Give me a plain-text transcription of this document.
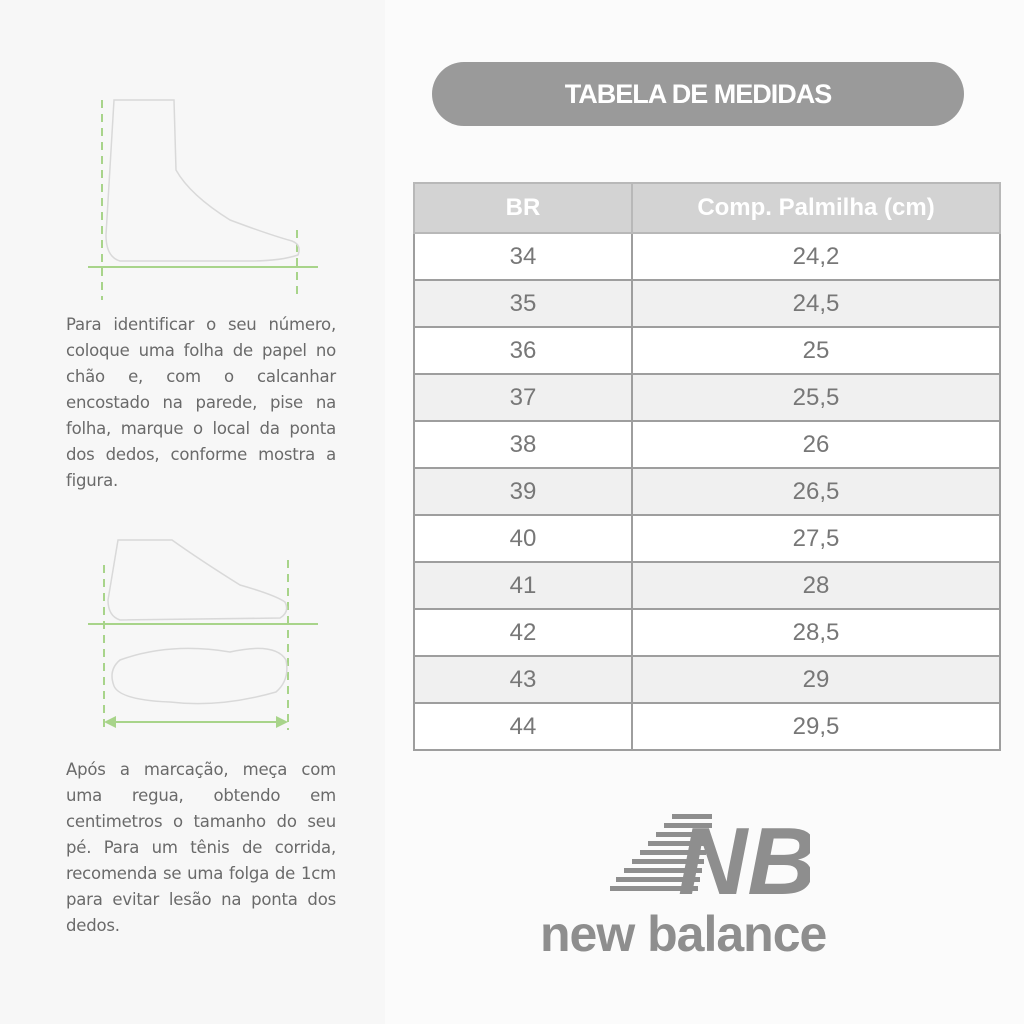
Para identificar o seu número, coloque uma folha de papel no chão e, com o calcanhar encostado na parede, pise na folha, marque o local da ponta dos dedos, conforme mostra a figura.

Após a marcação, meça com uma regua, obtendo em centimetros o tamanho do seu pé. Para um tênis de corrida, recomenda se uma folga de 1cm para evitar lesão na ponta dos dedos.

TABELA DE MEDIDAS
BR	Comp. Palmilha (cm)
34	24,2
35	24,5
36	25
37	25,5
38	26
39	26,5
40	27,5
41	28
42	28,5
43	29
44	29,5
NB
new balance
